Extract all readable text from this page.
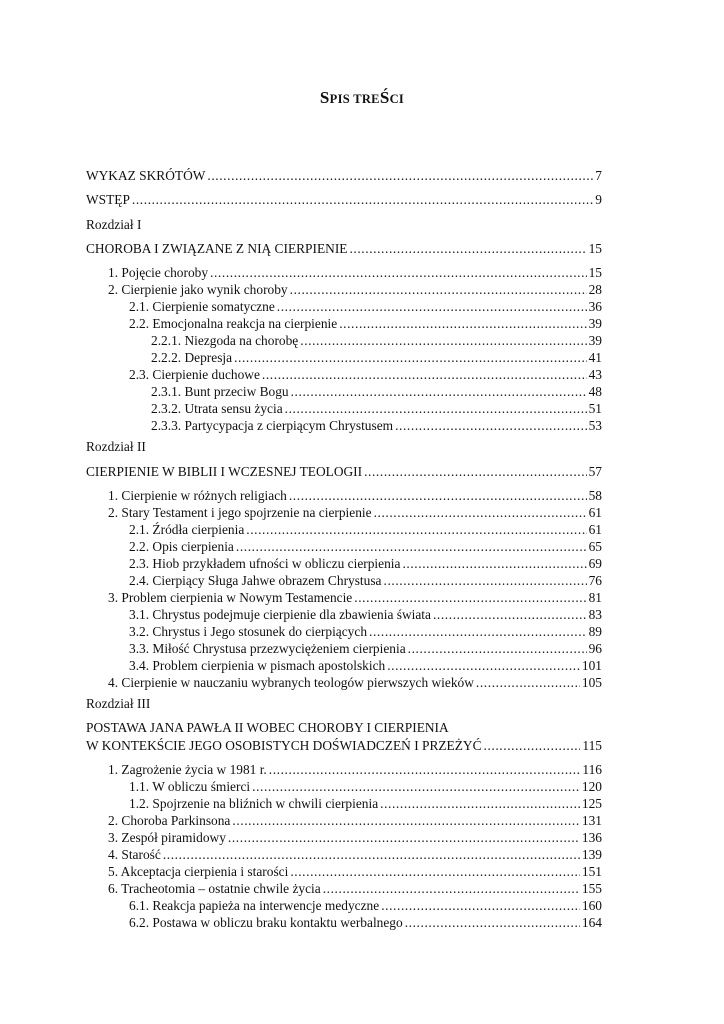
SPIS TREŚCI
WYKAZ SKRÓTÓW .....	7
WSTĘP .....	9
Rozdział I
CHOROBA I ZWIĄZANE Z NIĄ CIERPIENIE .....	15
1. Pojęcie choroby .....	15
2. Cierpienie jako wynik choroby .....	28
2.1. Cierpienie somatyczne .....	36
2.2. Emocjonalna reakcja na cierpienie .....	39
2.2.1. Niezgoda na chorobę .....	39
2.2.2. Depresja .....	41
2.3. Cierpienie duchowe .....	43
2.3.1. Bunt przeciw Bogu .....	48
2.3.2. Utrata sensu życia .....	51
2.3.3. Partycypacja z cierpiącym Chrystusem .....	53
Rozdział II
CIERPIENIE W BIBLII I WCZESNEJ TEOLOGII .....	57
1. Cierpienie w różnych religiach .....	58
2. Stary Testament i jego spojrzenie na cierpienie .....	61
2.1. Źródła cierpienia .....	61
2.2. Opis cierpienia .....	65
2.3. Hiob przykładem ufności w obliczu cierpienia .....	69
2.4. Cierpiący Sługa Jahwe obrazem Chrystusa .....	76
3. Problem cierpienia w Nowym Testamencie .....	81
3.1. Chrystus podejmuje cierpienie dla zbawienia świata .....	83
3.2. Chrystus i Jego stosunek do cierpiących .....	89
3.3. Miłość Chrystusa przezwyciężeniem cierpienia .....	96
3.4. Problem cierpienia w pismach apostolskich .....	101
4. Cierpienie w nauczaniu wybranych teologów pierwszych wieków .....	105
Rozdział III
POSTAWA JANA PAWŁA II WOBEC CHOROBY I CIERPIENIA
W KONTEKŚCIE JEGO OSOBISTYCH DOŚWIADCZEŃ I PRZEŻYĆ .....	115
1. Zagrożenie życia w 1981 r. .....	116
1.1. W obliczu śmierci .....	120
1.2. Spojrzenie na bliźnich w chwili cierpienia .....	125
2. Choroba Parkinsona .....	131
3. Zespół piramidowy .....	136
4. Starość .....	139
5. Akceptacja cierpienia i starości .....	151
6. Tracheotomia – ostatnie chwile życia .....	155
6.1. Reakcja papieża na interwencje medyczne .....	160
6.2. Postawa w obliczu braku kontaktu werbalnego .....	164
